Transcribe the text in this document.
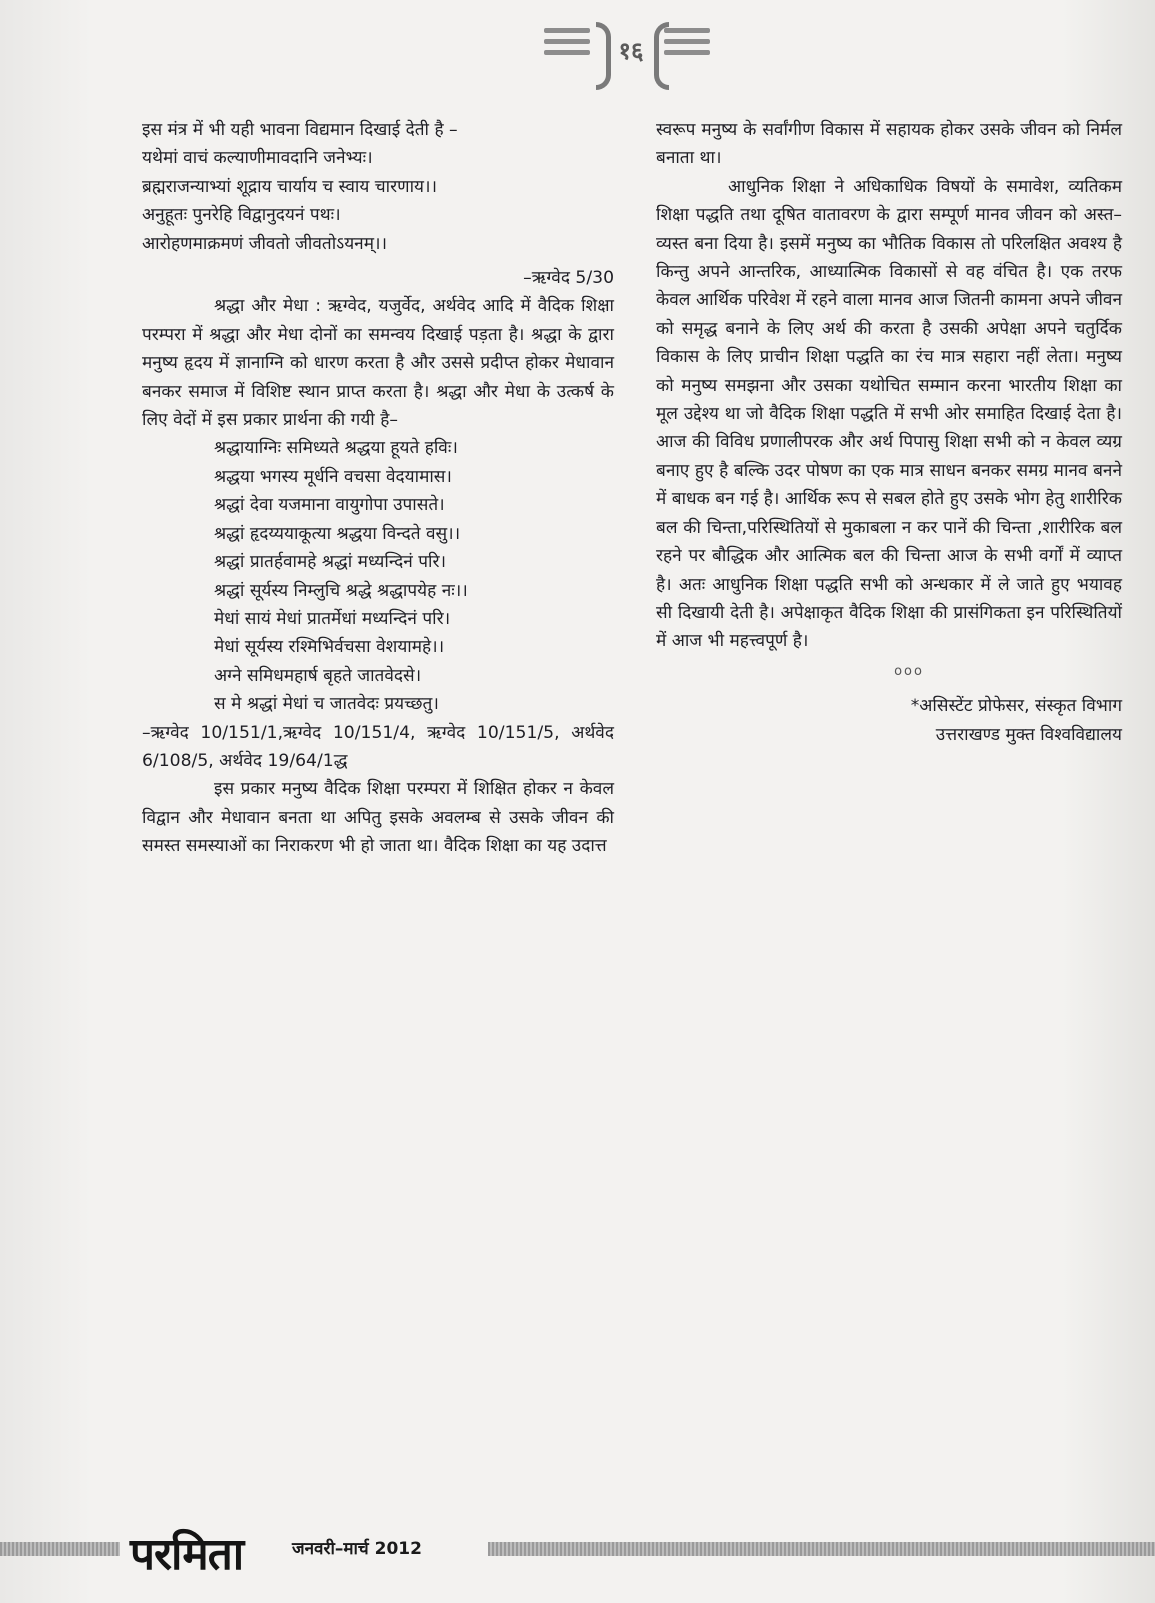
१६

इस मंत्र में भी यही भावना विद्यमान दिखाई देती है –

यथेमां वाचं कल्याणीमावदानि जनेभ्यः।
ब्रह्मराजन्याभ्यां शूद्राय चार्याय च स्वाय चारणाय।।
अनुहूतः पुनरेहि विद्वानुदयनं पथः।
आरोहणमाक्रमणं जीवतो जीवतोऽयनम्।।

–ऋग्वेद 5/30

श्रद्धा और मेधा : ऋग्वेद, यजुर्वेद, अर्थवेद आदि में वैदिक शिक्षा परम्परा में श्रद्धा और मेधा दोनों का समन्वय दिखाई पड़ता है। श्रद्धा के द्वारा मनुष्य हृदय में ज्ञानाग्नि को धारण करता है और उससे प्रदीप्त होकर मेधावान बनकर समाज में विशिष्ट स्थान प्राप्त करता है। श्रद्धा और मेधा के उत्कर्ष के लिए वेदों में इस प्रकार प्रार्थना की गयी है–

श्रद्धायाग्निः समिध्यते श्रद्धया हूयते हविः।
श्रद्धया भगस्य मूर्धनि वचसा वेदयामास।
श्रद्धां देवा यजमाना वायुगोपा उपासते।
श्रद्धां हृदय्ययाकूत्या श्रद्धया विन्दते वसु।।
श्रद्धां प्रातर्हवामहे श्रद्धां मध्यन्दिनं परि।
श्रद्धां सूर्यस्य निम्लुचि श्रद्धे श्रद्धापयेह नः।।
मेधां सायं मेधां प्रातर्मेधां मध्यन्दिनं परि।
मेधां सूर्यस्य रश्मिभिर्वचसा वेशयामहे।।
अग्ने समिधमहार्ष बृहते जातवेदसे।
स मे श्रद्धां मेधां च जातवेदः प्रयच्छतु।

–ऋग्वेद 10/151/1,ऋग्वेद 10/151/4, ऋग्वेद 10/151/5, अर्थवेद 6/108/5, अर्थवेद 19/64/1द्ध

इस प्रकार मनुष्य वैदिक शिक्षा परम्परा में शिक्षित होकर न केवल विद्वान और मेधावान बनता था अपितु इसके अवलम्ब से उसके जीवन की समस्त समस्याओं का निराकरण भी हो जाता था। वैदिक शिक्षा का यह उदात्त

स्वरूप मनुष्य के सर्वांगीण विकास में सहायक होकर उसके जीवन को निर्मल बनाता था।

आधुनिक शिक्षा ने अधिकाधिक विषयों के समावेश, व्यतिकम शिक्षा पद्धति तथा दूषित वातावरण के द्वारा सम्पूर्ण मानव जीवन को अस्त–व्यस्त बना दिया है। इसमें मनुष्य का भौतिक विकास तो परिलक्षित अवश्य है किन्तु अपने आन्तरिक, आध्यात्मिक विकासों से वह वंचित है। एक तरफ केवल आर्थिक परिवेश में रहने वाला मानव आज जितनी कामना अपने जीवन को समृद्ध बनाने के लिए अर्थ की करता है उसकी अपेक्षा अपने चतुर्दिक विकास के लिए प्राचीन शिक्षा पद्धति का रंच मात्र सहारा नहीं लेता। मनुष्य को मनुष्य समझना और उसका यथोचित सम्मान करना भारतीय शिक्षा का मूल उद्देश्य था जो वैदिक शिक्षा पद्धति में सभी ओर समाहित दिखाई देता है। आज की विविध प्रणालीपरक और अर्थ पिपासु शिक्षा सभी को न केवल व्यग्र बनाए हुए है बल्कि उदर पोषण का एक मात्र साधन बनकर समग्र मानव बनने में बाधक बन गई है। आर्थिक रूप से सबल होते हुए उसके भोग हेतु शारीरिक बल की चिन्ता,परिस्थितियों से मुकाबला न कर पानें की चिन्ता ,शारीरिक बल रहने पर बौद्धिक और आत्मिक बल की चिन्ता आज के सभी वर्गों में व्याप्त है। अतः आधुनिक शिक्षा पद्धति सभी को अन्धकार में ले जाते हुए भयावह सी दिखायी देती है। अपेक्षाकृत वैदिक शिक्षा की प्रासंगिकता इन परिस्थितियों में आज भी महत्त्वपूर्ण है।

ooo

*असिस्टेंट प्रोफेसर, संस्कृत विभाग

उत्तराखण्ड मुक्त विश्वविद्यालय

परमिता	जनवरी–मार्च 2012
